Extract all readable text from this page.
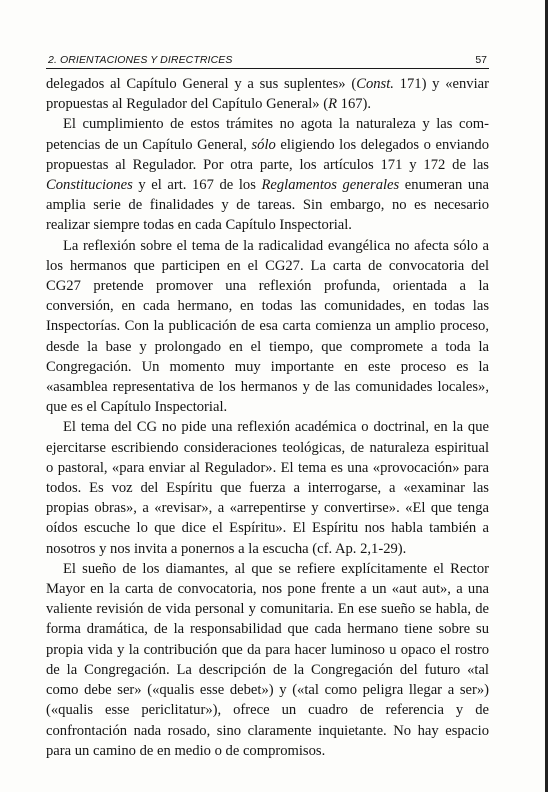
2. ORIENTACIONES Y DIRECTRICES	57

delegados al Capítulo General y a sus suplentes» (Const. 171) y «enviar propuestas al Regulador del Capítulo General» (R 167).

El cumplimiento de estos trámites no agota la naturaleza y las competencias de un Capítulo General, sólo eligiendo los delegados o enviando propuestas al Regulador. Por otra parte, los artículos 171 y 172 de las Constituciones y el art. 167 de los Reglamentos generales enumeran una amplia serie de finalidades y de tareas. Sin embargo, no es necesario realizar siempre todas en cada Capítulo Inspectorial.

La reflexión sobre el tema de la radicalidad evangélica no afecta sólo a los hermanos que participen en el CG27. La carta de convocatoria del CG27 pretende promover una reflexión profunda, orientada a la conversión, en cada hermano, en todas las comunidades, en todas las Inspectorías. Con la publicación de esa carta comienza un amplio proceso, desde la base y prolongado en el tiempo, que compromete a toda la Congregación. Un momento muy importante en este proceso es la «asamblea representativa de los hermanos y de las comunidades locales», que es el Capítulo Inspectorial.

El tema del CG no pide una reflexión académica o doctrinal, en la que ejercitarse escribiendo consideraciones teológicas, de naturaleza espiritual o pastoral, «para enviar al Regulador». El tema es una «provocación» para todos. Es voz del Espíritu que fuerza a interrogarse, a «examinar las propias obras», a «revisar», a «arrepentirse y convertirse». «El que tenga oídos escuche lo que dice el Espíritu». El Espíritu nos habla también a nosotros y nos invita a ponernos a la escucha (cf. Ap. 2,1-29).

El sueño de los diamantes, al que se refiere explícitamente el Rector Mayor en la carta de convocatoria, nos pone frente a un «aut aut», a una valiente revisión de vida personal y comunitaria. En ese sueño se habla, de forma dramática, de la responsabilidad que cada hermano tiene sobre su propia vida y la contribución que da para hacer luminoso u opaco el rostro de la Congregación. La descripción de la Congregación del futuro «tal como debe ser» («qualis esse debet») y («tal como peligra llegar a ser») («qualis esse periclitatur»), ofrece un cuadro de referencia y de confrontación nada rosado, sino claramente inquietante. No hay espacio para un camino de en medio o de compromisos.
